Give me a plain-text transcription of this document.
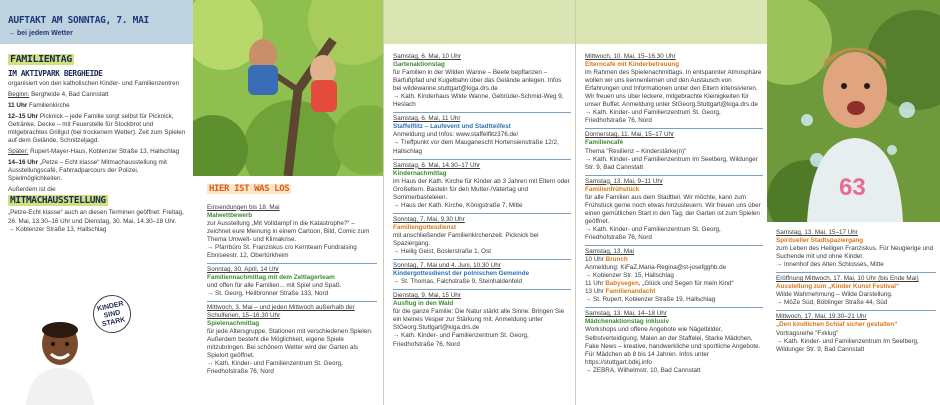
AUFTAKT AM SONNTAG, 7. MAI
→ bei jedem Wetter
FAMILIENTAG
IM AKTIVPARK BERGHEIDE
organisiert von den katholischen Kinder- und Familienzentren
Beginn: Bergheide 4, Bad Cannstatt
11 Uhr Familienkirche
12–15 Uhr Picknick – jede Familie sorgt selbst für Picknick, Getränke, Decke – mit Feuerstelle für Stockbrot und mitgebrachtes Grillgut (bei trockenem Wetter). Zeit zum Spielen auf dem Gelände, Schnitzeljagd.
Später: Rupert-Mayer-Haus, Koblenzer Straße 13, Hallschlag
14–16 Uhr „Petze – Echt klasse“ Mitmachausstellung mit Ausstellungscafé, Fahrradparcours der Polizei, Spielmöglichkeiten.
Außerdem ist die
MITMACHAUSSTELLUNG
„Petze-Echt klasse“ auch an diesen Terminen geöffnet: Freitag, 26. Mai, 13.30–16 Uhr und Dienstag, 30. Mai, 14.30–18 Uhr.
→ Koblenzer Straße 13, Hallschlag
KINDER SIND STARK
HIER IST WAS LOS
Einsendungen bis 18. Mai
Malwettbewerb
zur Ausstellung „Mit Volldampf in die Katastrophe?“ – zeichnet eure Meinung in einem Cartoon, Bild, Comic zum Thema Umwelt- und Klimakrise.
→ Pfarrbüro St. Franziskus c/o Kernteam Fundraising Ebniseestr. 12, Obertürkheim
Sonntag, 30. April, 14 Uhr
Familiennachmittag mit dem Zeltlagerteam
und offen für alle Familien... mit Spiel und Spaß.
→ St. Georg, Heilbronner Straße 133, Nord
Mittwoch, 3. Mai – und jeden Mittwoch außerhalb der Schulferien, 15–16.30 Uhr
Spielenachmittag
für jede Altersgruppe. Stationen mit verschiedenen Spielen. Außerdem besteht die Möglichkeit, eigene Spiele mitzubringen. Bei schönem Wetter wird der Garten als Spielort geöffnet.
→ Kath. Kinder- und Familienzentrum St. Georg, Friedhofstraße 76, Nord
Samstag, 6. Mai, 10 Uhr
Gartenaktionstag
für Familien in der Wilden Wanne – Beete bepflanzen – Barfußpfad und Kugelbahn über das Gelände anlegen. Infos bei wildewanne.stuttgart@kiga.drs.de
→ Kath. Kinderhaus Wilde Wanne, Gebrüder-Schmid-Weg 9, Heslach
Samstag, 6. Mai, 11 Uhr
Staffelflitz – Laufevent und Stadtteilfest
Anmeldung und Infos: www.staffelflitz376.de/
→ Treffpunkt vor dem Mauganescht Hortensienstraße 12/2, Hallschlag
Samstag, 6. Mai, 14.30–17 Uhr
Kindernachmittag
im Haus der Kath. Kirche für Kinder ab 3 Jahren mit Eltern oder Großeltern. Basteln für den Mutter-/Vatertag und Sommerbasteleien.
→ Haus der Kath. Kirche, Königstraße 7, Mitte
Sonntag, 7. Mai, 9.30 Uhr
Familiengottesdienst
mit anschließender Familienkirchenzeit. Picknick bei Spaziergang.
→ Heilig Geist, Boslerstraße 1, Ost
Sonntag, 7. Mai und 4. Juni, 10.30 Uhr
Kindergottesdienst der polnischen Gemeinde
→ St. Thomas, Falchstraße 9, Steinhaldenfeld
Dienstag, 9. Mai, 15 Uhr
Ausflug in den Wald
für die ganze Familie: Die Natur stärkt alle Sinne. Bringen Sie ein kleines Vesper zur Stärkung mit. Anmeldung unter StGeorg.Stuttgart@kiga.drs.de
→ Kath. Kinder- und Familienzentrum St. Georg, Friedhofstraße 76, Nord
Mittwoch, 10. Mai, 15–16.30 Uhr
Elterncafé mit Kinderbetreuung
im Rahmen des Spielenachmittags. In entspannter Atmosphäre wollen wir uns kennenlernen und den Austausch von Erfahrungen und Informationen unter den Eltern intensivieren. Wir freuen uns über leckere, mitgebrachte Kleinigkeiten für unser Buffet. Anmeldung unter StGeorg.Stuttgart@kiga.drs.de
→ Kath. Kinder- und Familienzentrum St. Georg, Friedhofstraße 76, Nord
Donnerstag, 11. Mai, 15–17 Uhr
Familiencafé
Thema "Resilienz – Kinderstärke(n)"
→ Kath. Kinder- und Familienzentrum Im Seelberg, Wildunger Str. 9, Bad Cannstatt
Samstag, 13. Mai, 9–11 Uhr
Familienfrühstück
für alle Familien aus dem Stadtteil. Wir möchte, kann zum Frühstück gerne noch etwas hinzusteuern. Wir freuen uns über einen gemütlichen Start in den Tag, der Garten ist zum Spielen geöffnet.
→ Kath. Kinder- und Familienzentrum St. Georg, Friedhofstraße 76, Nord
Samstag, 13. Mai
10 Uhr Brunch
Anmeldung: KiFaZ.Maria-Regina@st-josefgghb.de
→ Koblenzer Str. 15, Hallschlag
11 Uhr Babysegen, „Glück und Segen für mein Kind“
13 Uhr Familienandacht
→ St. Rupert, Koblenzer Straße 19, Hallschlag
Samstag, 13. Mai, 14–18 Uhr
Mädchenaktionstag inklusiv
Workshops und offene Angebote wie Nägelbilder, Selbstverteidigung, Malen an der Staffelei, Starke Mädchen, Fake News – kreative, handwerkliche und sportliche Angebote. Für Mädchen ab 8 bis 14 Jahren. Infos unter https://stuttgart.bdkj.info
→ ZEBRA, Wilhelmstr. 10, Bad Cannstatt
63
Samstag, 13. Mai, 15–17 Uhr
Spiritueller Stadtspaziergang
zum Leben des Heiligen Franziskus. Für Neugierige und Suchende mit und ohne Kinder.
→ Innenhof des Alten Schlosses, Mitte
Eröffnung Mittwoch, 17. Mai, 10 Uhr (bis Ende Mai)
Ausstellung zum „Kinder Kunst Festival“
Wilde Wahrnehmung – Wilde Darstellung.
→ MöZe Süd, Böblinger Straße 44, Süd
Mittwoch, 17. Mai, 19.30–21 Uhr
„Den kindlichen Schlaf sicher gestalten“
Vortragsreihe "Fxklug"
→ Kath. Kinder- und Familienzentrum Im Seelberg, Wildunger Str. 9, Bad Cannstatt
